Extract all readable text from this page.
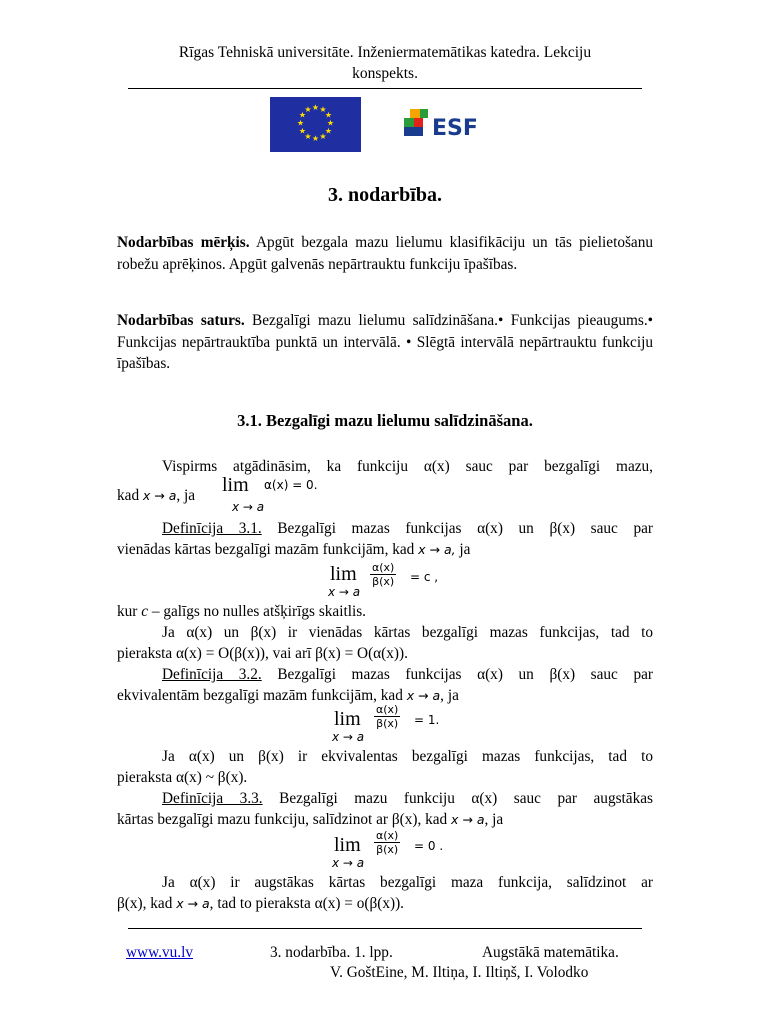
Rīgas Tehniskā universitāte. Inženiermatemātikas katedra. Lekciju
konspekts.
★ ★
★
★
★
★
★
★
★
★
★
★
ESF
3. nodarbība.
Nodarbības mērķis. Apgūt bezgala mazu lielumu klasifikāciju un tās pielietošanu robežu aprēķinos. Apgūt galvenās nepārtrauktu funkciju īpašības.
Nodarbības saturs. Bezgalīgi mazu lielumu salīdzināšana.• Funkcijas pieaugums.• Funkcijas nepārtrauktība punktā un intervālā. • Slēgtā intervālā nepārtrauktu funkciju īpašības.
3.1. Bezgalīgi mazu lielumu salīdzināšana.
Vispirms atgādināsim, ka funkciju α(x) sauc par bezgalīgi mazu,
kad x → a, ja lim
x → a
α(x) = 0.
Definīcija 3.1. Bezgalīgi mazas funkcijas α(x) un β(x) sauc par
vienādas kārtas bezgalīgi mazām funkcijām, kad x → a, ja
lim
x → a
$\frac{\alpha(x)}{\beta(x)} = c$ ,
kur c – galīgs no nulles atšķirīgs skaitlis.
Ja α(x) un β(x) ir vienādas kārtas bezgalīgi mazas funkcijas, tad to
pieraksta α(x) = O(β(x)), vai arī β(x) = O(α(x)).
Definīcija 3.2. Bezgalīgi mazas funkcijas α(x) un β(x) sauc par
ekvivalentām bezgalīgi mazām funkcijām, kad x → a, ja
lim
x → a
$\frac{\alpha(x)}{\beta(x)} = 1$.
Ja α(x) un β(x) ir ekvivalentas bezgalīgi mazas funkcijas, tad to
pieraksta α(x) ~ β(x).
Definīcija 3.3. Bezgalīgi mazu funkciju α(x) sauc par augstākas
kārtas bezgalīgi mazu funkciju, salīdzinot ar β(x), kad x → a, ja
lim
x → a
$\frac{\alpha(x)}{\beta(x)} = 0$ .
Ja α(x) ir augstākas kārtas bezgalīgi maza funkcija, salīdzinot ar
β(x), kad x → a, tad to pieraksta α(x) = o(β(x)).
www.vu.lv	3. nodarbība. 1. lpp.	Augstākā matemātika.
V. GoštEine, M. Iltiņa, I. Iltiņš, I. Volodko
